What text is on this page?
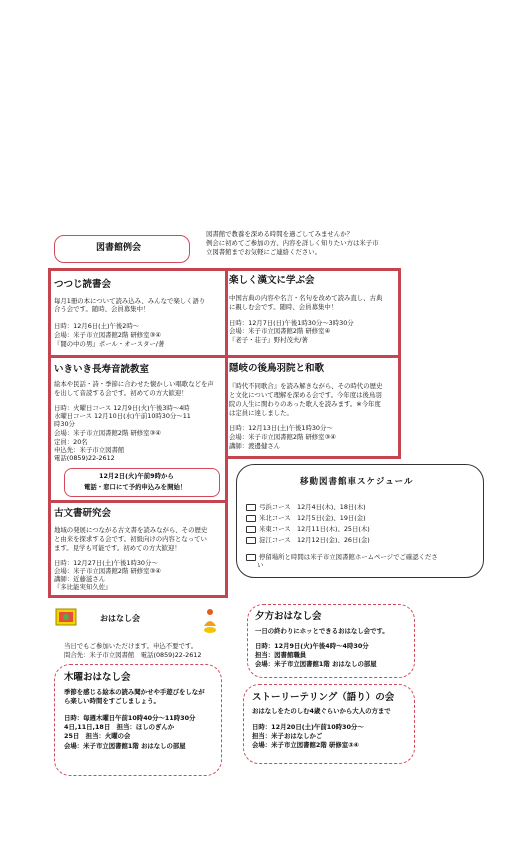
図書館で教養を深める時間を過ごしてみませんか？
例会に初めてご参加の方、内容を詳しく知りたい方は米子市
立図書館までお気軽にご連絡ください。
図書館例会
つつじ読書会
毎月1冊の本について読み込み、みんなで楽しく語り
合う会です。随時、会員募集中！
日時：12月6日(土)午後2時～
会場：米子市立図書館2階 研修室③④
『闇の中の男』ポール・オースター/著
楽しく漢文に学ぶ会
中国古典の内容や名言・名句を改めて読み直し、古典
に親しむ会です。随時、会員募集中！
日時：12月7日(日)午後1時30分～3時30分
会場：米子市立図書館2階 研修室④
『老子・荘子』野村茂夫/著
いきいき長寿音読教室
絵本や民話・詩・季節に合わせた懐かしい唱歌などを声
を出して音読する会です。初めての方大歓迎！
日時：火曜日コース 12月9日(火)午後3時～4時
水曜日コース 12月10日(水)午前10時30分～11
時30分
会場：米子市立図書館2階 研修室③④
定員：20名
申込先：米子市立図書館
電話(0859)22-2612
12月2日(火)午前9時から
電話・窓口にて予約申込みを開始！
隠岐の後鳥羽院と和歌
『時代不同歌合』を読み解きながら、その時代の歴史
と文化について理解を深める会です。今年度は後鳥羽
院の人生に関わりのあった歌人を読みます。※今年度
は定員に達しました。
日時：12月13日(土)午後1時30分～
会場：米子市立図書館2階 研修室③④
講師：渡邊健さん
古文書研究会
地域の発展につながる古文書を読みながら、その歴史
と由来を探求する会です。初級向けの内容となってい
ます。見学も可能です。初めての方大歓迎！
日時：12月27日(土)午後1時30分～
会場：米子市立図書館2階 研修室③④
講師：近藤滋さん
『多比能実知久佐』
移動図書館車スケジュール
弓浜コース　12月4日(木)、18日(木)
米北コース　12月5日(金)、19日(金)
米東コース　12月11日(木)、25日(木)
淀江コース　12月12日(金)、26日(金)
停留場所と時間は米子市立図書館ホームページでご確認くださ
い
おはなし会
当日でもご参加いただけます。申込不要です。
問合先：米子市立図書館　電話(0859)22-2612
木曜おはなし会
季節を感じる絵本の読み聞かせや手遊びをしなが
ら楽しい時間をすごしましょう。
日時：毎週木曜日午前10時40分～11時30分
4日,11日,18日　担当：ほしのぎんか
25日　担当：火曜の会
会場：米子市立図書館1階 おはなしの部屋
夕方おはなし会
一日の終わりにホッとできるおはなし会です。
日時：12月9日(火)午後4時～4時30分
担当：図書館職員
会場：米子市立図書館1階 おはなしの部屋
ストーリーテリング（語り）の会
おはなしをたのしむ4歳ぐらいから大人の方まで
日時：12月20日(土)午前10時30分～
担当：米子おはなしかご
会場：米子市立図書館2階 研修室③④
